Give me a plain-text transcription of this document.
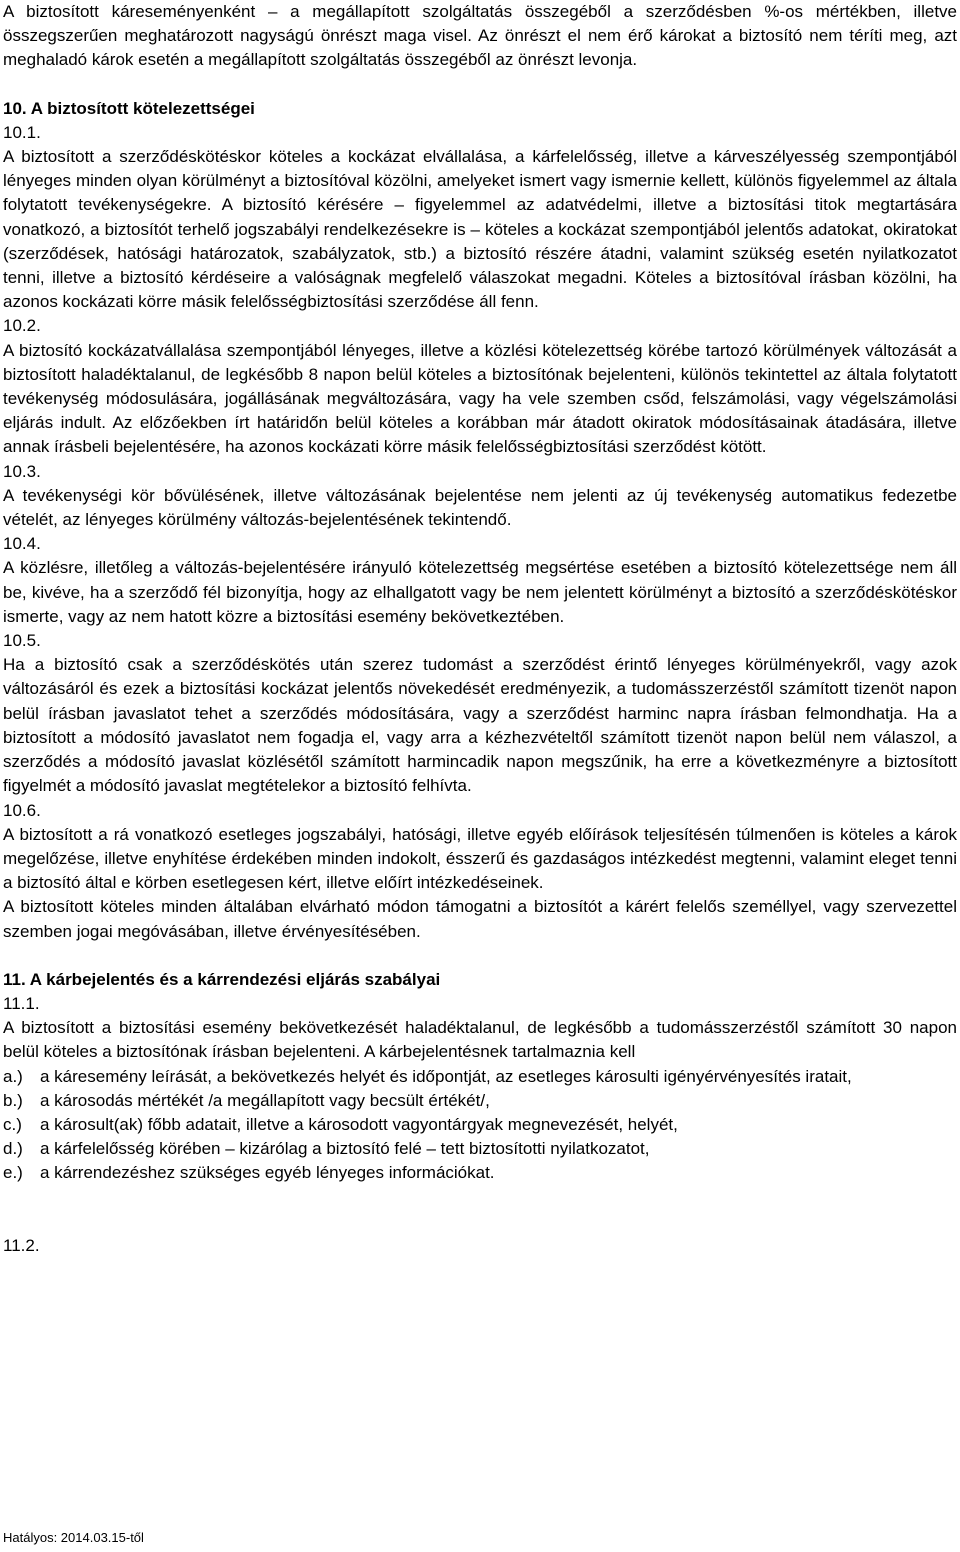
A biztosított káreseményenként – a megállapított szolgáltatás összegéből a szerződésben %-os mértékben, illetve összegszerűen meghatározott nagyságú önrészt maga visel. Az önrészt el nem érő károkat a biztosító nem téríti meg, azt meghaladó károk esetén a megállapított szolgáltatás összegéből az önrészt levonja.

10. A biztosított kötelezettségei

10.1.

A biztosított a szerződéskötéskor köteles a kockázat elvállalása, a kárfelelősség, illetve a kárveszélyesség szempontjából lényeges minden olyan körülményt a biztosítóval közölni, amelyeket ismert vagy ismernie kellett, különös figyelemmel az általa folytatott tevékenységekre. A biztosító kérésére – figyelemmel az adatvédelmi, illetve a biztosítási titok megtartására vonatkozó, a biztosítót terhelő jogszabályi rendelkezésekre is – köteles a kockázat szempontjából jelentős adatokat, okiratokat (szerződések, hatósági határozatok, szabályzatok, stb.) a biztosító részére átadni, valamint szükség esetén nyilatkozatot tenni, illetve a biztosító kérdéseire a valóságnak megfelelő válaszokat megadni. Köteles a biztosítóval írásban közölni, ha azonos kockázati körre másik felelősségbiztosítási szerződése áll fenn.

10.2.

A biztosító kockázatvállalása szempontjából lényeges, illetve a közlési kötelezettség körébe tartozó körülmények változását a biztosított haladéktalanul, de legkésőbb 8 napon belül köteles a biztosítónak bejelenteni, különös tekintettel az általa folytatott tevékenység módosulására, jogállásának megváltozására, vagy ha vele szemben csőd, felszámolási, vagy végelszámolási eljárás indult. Az előzőekben írt határidőn belül köteles a korábban már átadott okiratok módosításainak átadására, illetve annak írásbeli bejelentésére, ha azonos kockázati körre másik felelősségbiztosítási szerződést kötött.

10.3.

A tevékenységi kör bővülésének, illetve változásának bejelentése nem jelenti az új tevékenység automatikus fedezetbe vételét, az lényeges körülmény változás-bejelentésének tekintendő.

10.4.

A közlésre, illetőleg a változás-bejelentésére irányuló kötelezettség megsértése esetében a biztosító kötelezettsége nem áll be, kivéve, ha a szerződő fél bizonyítja, hogy az elhallgatott vagy be nem jelentett körülményt a biztosító a szerződéskötéskor ismerte, vagy az nem hatott közre a biztosítási esemény bekövetkeztében.

10.5.

Ha a biztosító csak a szerződéskötés után szerez tudomást a szerződést érintő lényeges körülményekről, vagy azok változásáról és ezek a biztosítási kockázat jelentős növekedését eredményezik, a tudomásszerzéstől számított tizenöt napon belül írásban javaslatot tehet a szerződés módosítására, vagy a szerződést harminc napra írásban felmondhatja. Ha a biztosított a módosító javaslatot nem fogadja el, vagy arra a kézhezvételtől számított tizenöt napon belül nem válaszol, a szerződés a módosító javaslat közlésétől számított harmincadik napon megszűnik, ha erre a következményre a biztosított figyelmét a módosító javaslat megtételekor a biztosító felhívta.

10.6.

A biztosított a rá vonatkozó esetleges jogszabályi, hatósági, illetve egyéb előírások teljesítésén túlmenően is köteles a károk megelőzése, illetve enyhítése érdekében minden indokolt, ésszerű és gazdaságos intézkedést megtenni, valamint eleget tenni a biztosító által e körben esetlegesen kért, illetve előírt intézkedéseinek.

A biztosított köteles minden általában elvárható módon támogatni a biztosítót a kárért felelős személlyel, vagy szervezettel szemben jogai megóvásában, illetve érvényesítésében.

11. A kárbejelentés és a kárrendezési eljárás szabályai

11.1.

A biztosított a biztosítási esemény bekövetkezését haladéktalanul, de legkésőbb a tudomásszerzéstől számított 30 napon belül köteles a biztosítónak írásban bejelenteni. A kárbejelentésnek tartalmaznia kell

a.)	a káresemény leírását, a bekövetkezés helyét és időpontját, az esetleges károsulti igényérvényesítés iratait,
b.)	a károsodás mértékét /a megállapított vagy becsült értékét/,
c.)	a károsult(ak) főbb adatait, illetve a károsodott vagyontárgyak megnevezését, helyét,
d.)	a kárfelelősség körében – kizárólag a biztosító felé – tett biztosítotti nyilatkozatot,
e.)	a kárrendezéshez szükséges egyéb lényeges információkat.

11.2.

Hatályos: 2014.03.15-től
